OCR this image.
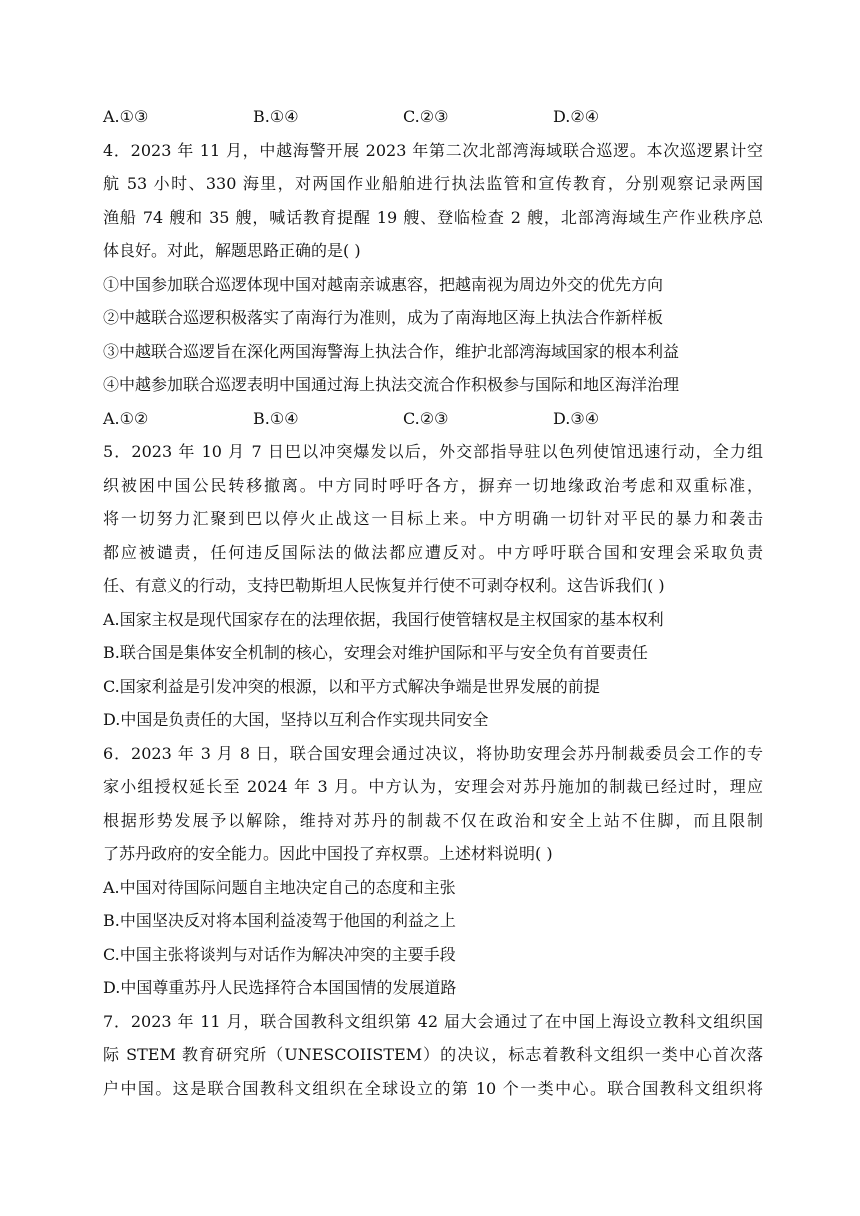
A.①③	B.①④	C.②③	D.②④
4．2023 年 11 月，中越海警开展 2023 年第二次北部湾海域联合巡逻。本次巡逻累计空
航 53 小时、330 海里，对两国作业船舶进行执法监管和宣传教育，分别观察记录两国
渔船 74 艘和 35 艘，喊话教育提醒 19 艘、登临检查 2 艘，北部湾海域生产作业秩序总
体良好。对此，解题思路正确的是( )
①中国参加联合巡逻体现中国对越南亲诚惠容，把越南视为周边外交的优先方向
②中越联合巡逻积极落实了南海行为准则，成为了南海地区海上执法合作新样板
③中越联合巡逻旨在深化两国海警海上执法合作，维护北部湾海域国家的根本利益
④中越参加联合巡逻表明中国通过海上执法交流合作积极参与国际和地区海洋治理
A.①②	B.①④	C.②③	D.③④
5．2023 年 10 月 7 日巴以冲突爆发以后，外交部指导驻以色列使馆迅速行动，全力组
织被困中国公民转移撤离。中方同时呼吁各方，摒弃一切地缘政治考虑和双重标准，
将一切努力汇聚到巴以停火止战这一目标上来。中方明确一切针对平民的暴力和袭击
都应被谴责，任何违反国际法的做法都应遭反对。中方呼吁联合国和安理会采取负责
任、有意义的行动，支持巴勒斯坦人民恢复并行使不可剥夺权利。这告诉我们( )
A.国家主权是现代国家存在的法理依据，我国行使管辖权是主权国家的基本权利
B.联合国是集体安全机制的核心，安理会对维护国际和平与安全负有首要责任
C.国家利益是引发冲突的根源，以和平方式解决争端是世界发展的前提
D.中国是负责任的大国，坚持以互利合作实现共同安全
6．2023 年 3 月 8 日，联合国安理会通过决议，将协助安理会苏丹制裁委员会工作的专
家小组授权延长至 2024 年 3 月。中方认为，安理会对苏丹施加的制裁已经过时，理应
根据形势发展予以解除，维持对苏丹的制裁不仅在政治和安全上站不住脚，而且限制
了苏丹政府的安全能力。因此中国投了弃权票。上述材料说明( )
A.中国对待国际问题自主地决定自己的态度和主张
B.中国坚决反对将本国利益凌驾于他国的利益之上
C.中国主张将谈判与对话作为解决冲突的主要手段
D.中国尊重苏丹人民选择符合本国国情的发展道路
7．2023 年 11 月，联合国教科文组织第 42 届大会通过了在中国上海设立教科文组织国
际 STEM 教育研究所（UNESCOIISTEM）的决议，标志着教科文组织一类中心首次落
户中国。这是联合国教科文组织在全球设立的第 10 个一类中心。联合国教科文组织将
